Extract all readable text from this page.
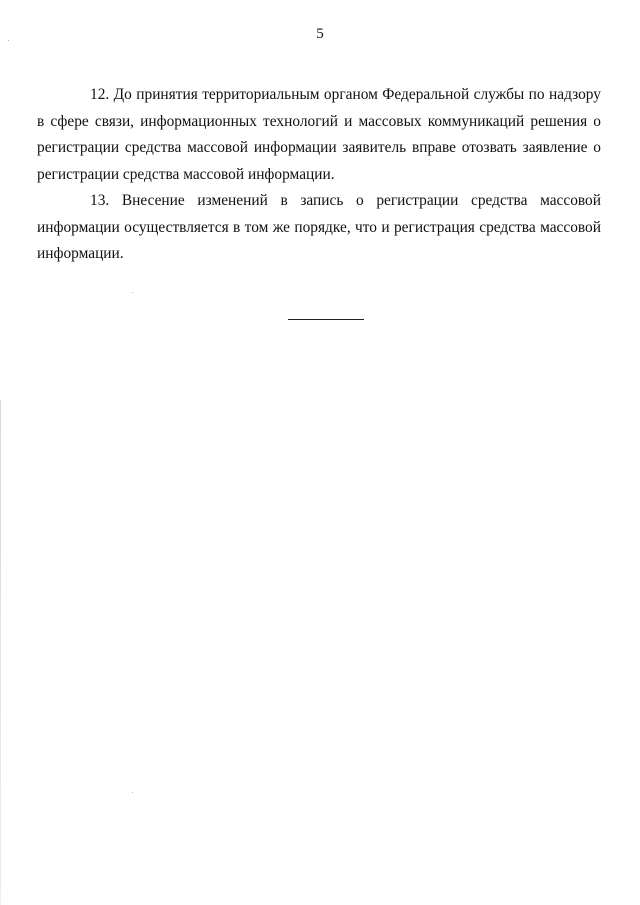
5

12. До принятия территориальным органом Федеральной службы по надзору в сфере связи, информационных технологий и массовых коммуникаций решения о регистрации средства массовой информации заявитель вправе отозвать заявление о регистрации средства массовой информации.

13. Внесение изменений в запись о регистрации средства массовой информации осуществляется в том же порядке, что и регистрация средства массовой информации.
